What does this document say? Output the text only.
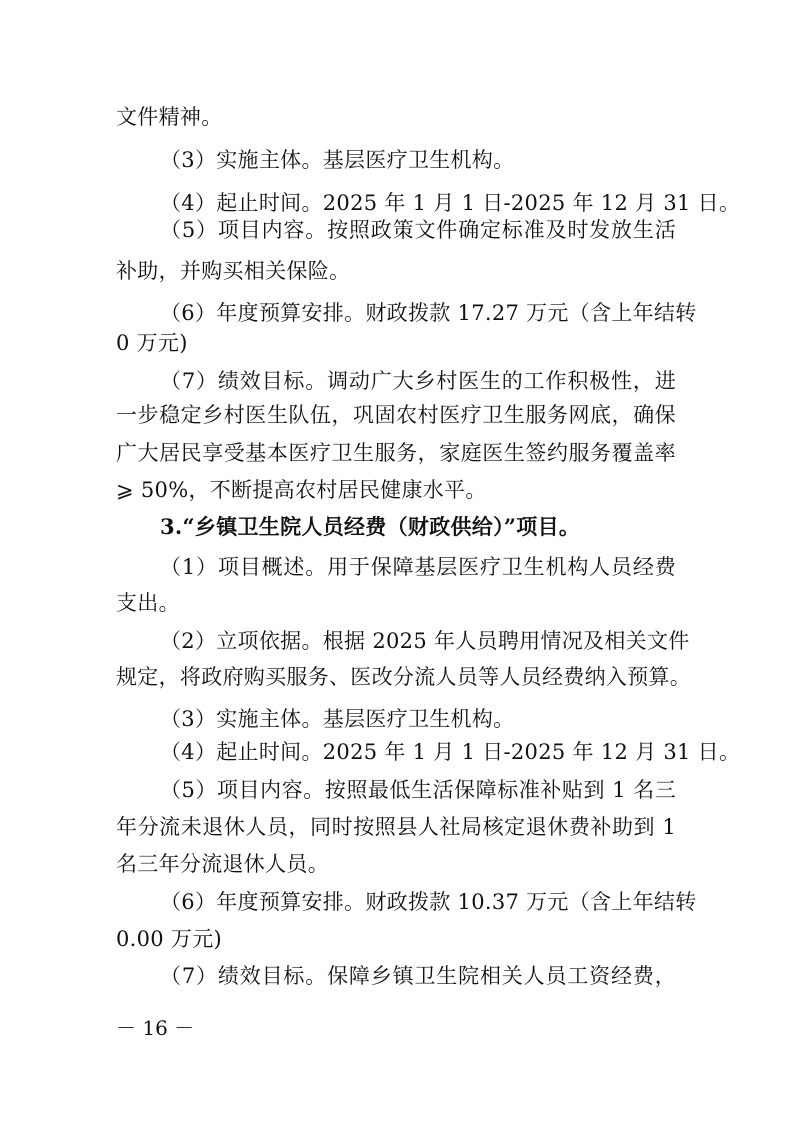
文件精神。
（3）实施主体。基层医疗卫生机构。
（4）起止时间。2025 年 1 月 1 日-2025 年 12 月 31 日。
（5）项目内容。按照政策文件确定标准及时发放生活
补助，并购买相关保险。
（6）年度预算安排。财政拨款 17.27 万元（含上年结转
0 万元)
（7）绩效目标。调动广大乡村医生的工作积极性，进
一步稳定乡村医生队伍，巩固农村医疗卫生服务网底，确保
广大居民享受基本医疗卫生服务，家庭医生签约服务覆盖率
⩾ 50%，不断提高农村居民健康水平。
3.“乡镇卫生院人员经费（财政供给）”项目。
（1）项目概述。用于保障基层医疗卫生机构人员经费
支出。
（2）立项依据。根据 2025 年人员聘用情况及相关文件
规定，将政府购买服务、医改分流人员等人员经费纳入预算。
（3）实施主体。基层医疗卫生机构。
（4）起止时间。2025 年 1 月 1 日-2025 年 12 月 31 日。
（5）项目内容。按照最低生活保障标准补贴到 1 名三
年分流未退休人员，同时按照县人社局核定退休费补助到 1
名三年分流退休人员。
（6）年度预算安排。财政拨款 10.37 万元（含上年结转
0.00 万元)
（7）绩效目标。保障乡镇卫生院相关人员工资经费，
－ 16 －
